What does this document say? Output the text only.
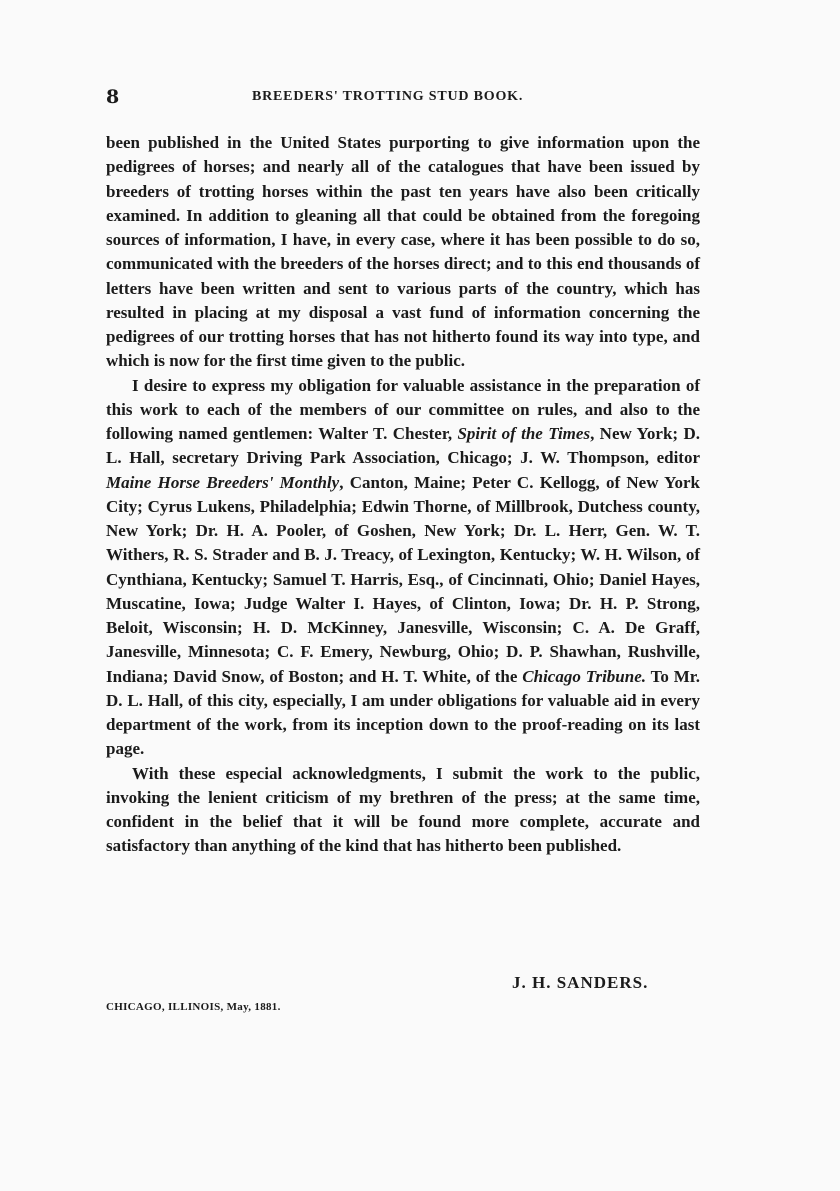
8	BREEDERS' TROTTING STUD BOOK.

been published in the United States purporting to give information upon the pedigrees of horses; and nearly all of the catalogues that have been issued by breeders of trotting horses within the past ten years have also been critically examined. In addition to gleaning all that could be obtained from the foregoing sources of information, I have, in every case, where it has been possible to do so, communicated with the breeders of the horses direct; and to this end thousands of letters have been written and sent to various parts of the country, which has resulted in placing at my disposal a vast fund of information concerning the pedigrees of our trotting horses that has not hitherto found its way into type, and which is now for the first time given to the public.

I desire to express my obligation for valuable assistance in the preparation of this work to each of the members of our committee on rules, and also to the following named gentlemen: Walter T. Chester, Spirit of the Times, New York; D. L. Hall, secretary Driving Park Association, Chicago; J. W. Thompson, editor Maine Horse Breeders' Monthly, Canton, Maine; Peter C. Kellogg, of New York City; Cyrus Lukens, Philadelphia; Edwin Thorne, of Millbrook, Dutchess county, New York; Dr. H. A. Pooler, of Goshen, New York; Dr. L. Herr, Gen. W. T. Withers, R. S. Strader and B. J. Treacy, of Lexington, Kentucky; W. H. Wilson, of Cynthiana, Kentucky; Samuel T. Harris, Esq., of Cincinnati, Ohio; Daniel Hayes, Muscatine, Iowa; Judge Walter I. Hayes, of Clinton, Iowa; Dr. H. P. Strong, Beloit, Wisconsin; H. D. McKinney, Janesville, Wisconsin; C. A. De Graff, Janesville, Minnesota; C. F. Emery, Newburg, Ohio; D. P. Shawhan, Rushville, Indiana; David Snow, of Boston; and H. T. White, of the Chicago Tribune. To Mr. D. L. Hall, of this city, especially, I am under obligations for valuable aid in every department of the work, from its inception down to the proof-reading on its last page.

With these especial acknowledgments, I submit the work to the public, invoking the lenient criticism of my brethren of the press; at the same time, confident in the belief that it will be found more complete, accurate and satisfactory than anything of the kind that has hitherto been published.

J. H. SANDERS.
CHICAGO, ILLINOIS, May, 1881.
